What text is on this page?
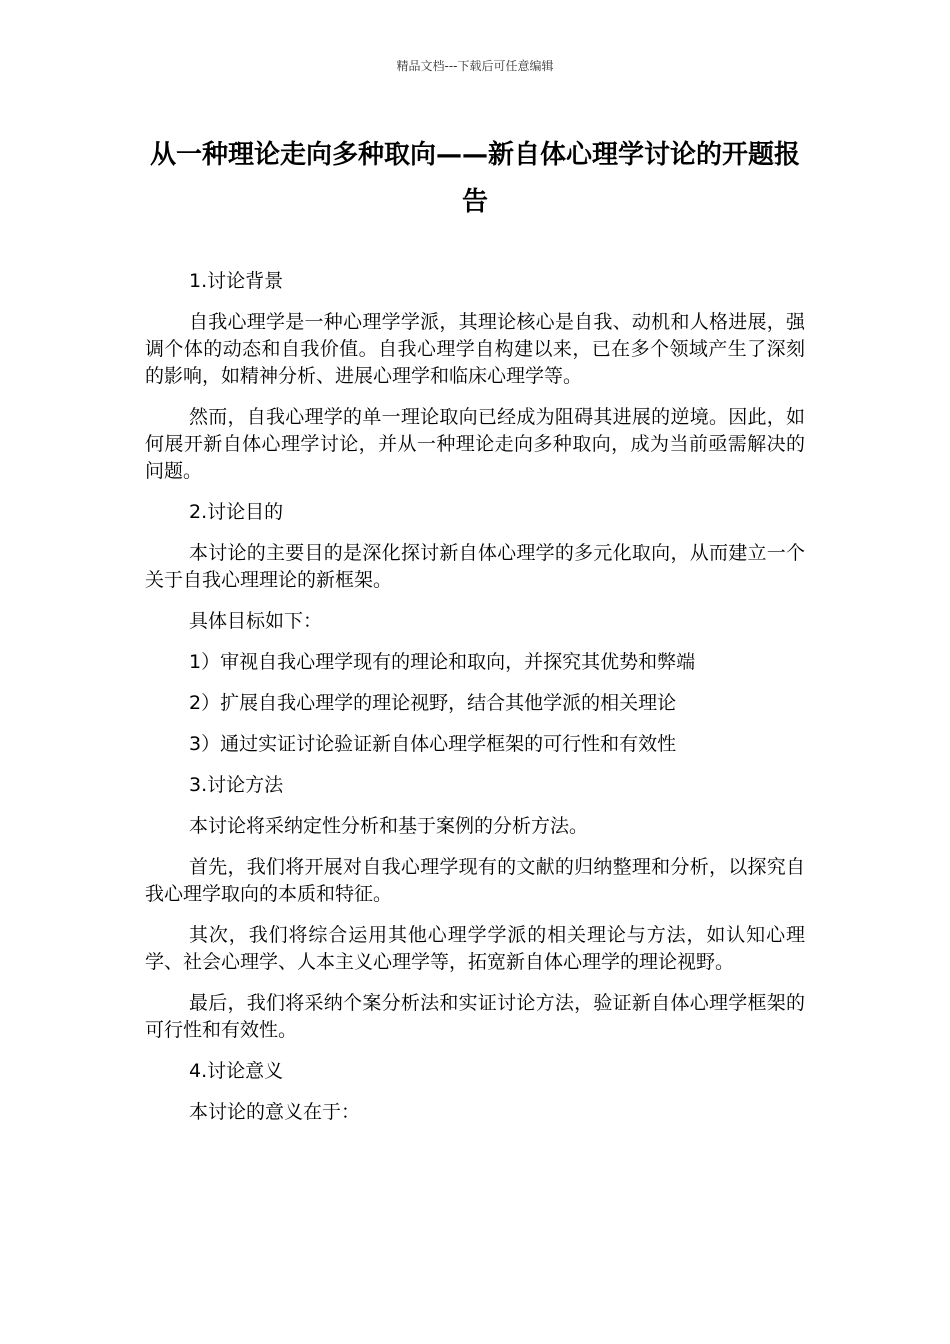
精品文档---下载后可任意编辑
从一种理论走向多种取向——新自体心理学讨论的开题报告

1.讨论背景

自我心理学是一种心理学学派，其理论核心是自我、动机和人格进展，强调个体的动态和自我价值。自我心理学自构建以来，已在多个领域产生了深刻的影响，如精神分析、进展心理学和临床心理学等。

然而，自我心理学的单一理论取向已经成为阻碍其进展的逆境。因此，如何展开新自体心理学讨论，并从一种理论走向多种取向，成为当前亟需解决的问题。

2.讨论目的

本讨论的主要目的是深化探讨新自体心理学的多元化取向，从而建立一个关于自我心理理论的新框架。

具体目标如下：

1）审视自我心理学现有的理论和取向，并探究其优势和弊端

2）扩展自我心理学的理论视野，结合其他学派的相关理论

3）通过实证讨论验证新自体心理学框架的可行性和有效性

3.讨论方法

本讨论将采纳定性分析和基于案例的分析方法。

首先，我们将开展对自我心理学现有的文献的归纳整理和分析，以探究自我心理学取向的本质和特征。

其次，我们将综合运用其他心理学学派的相关理论与方法，如认知心理学、社会心理学、人本主义心理学等，拓宽新自体心理学的理论视野。

最后，我们将采纳个案分析法和实证讨论方法，验证新自体心理学框架的可行性和有效性。

4.讨论意义

本讨论的意义在于：
